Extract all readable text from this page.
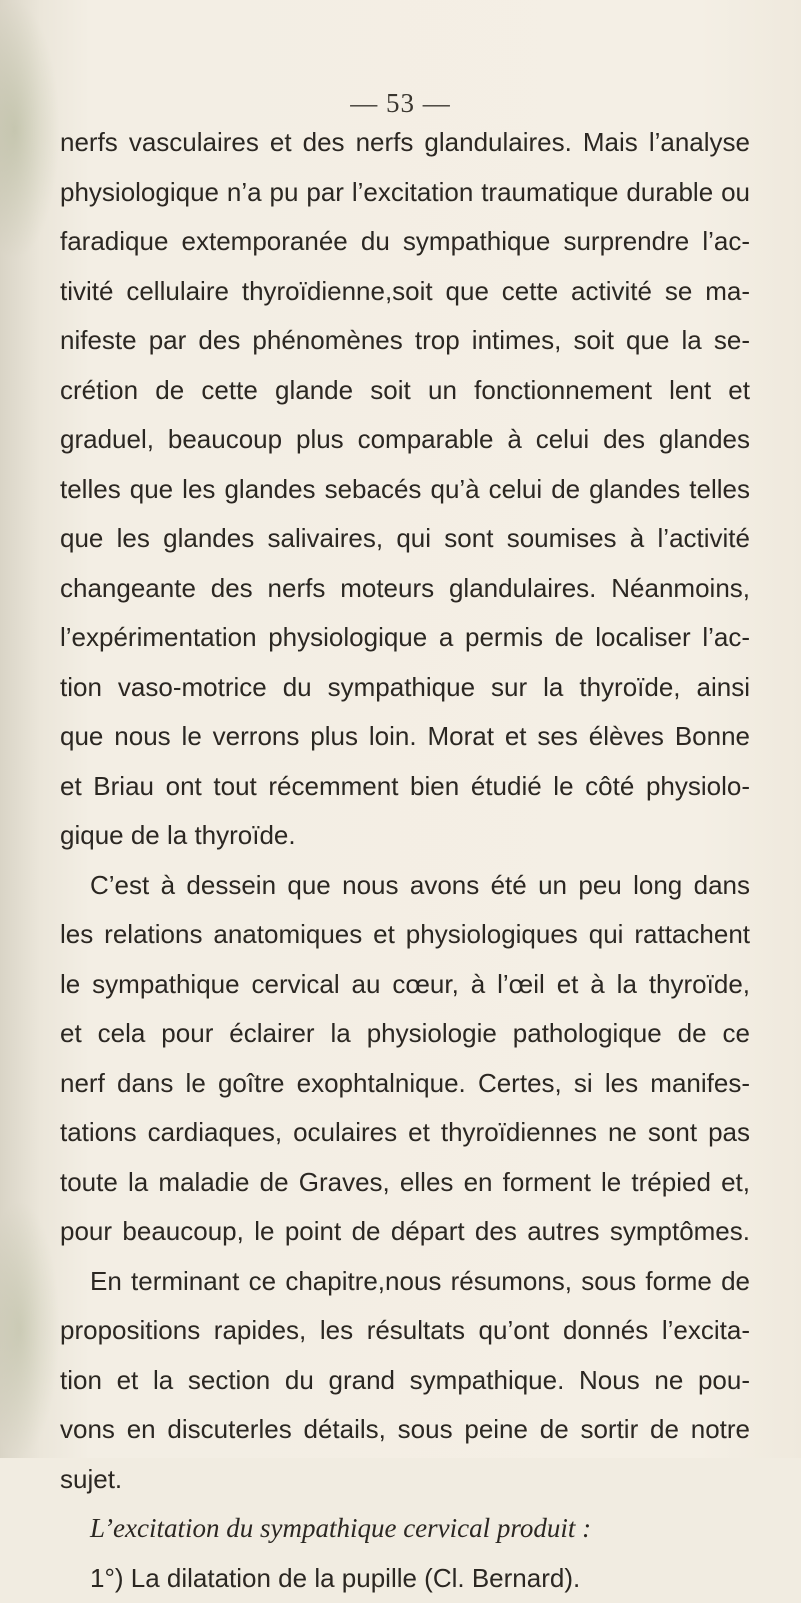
— 53 —
nerfs vasculaires et des nerfs glandulaires. Mais l’analyse
physiologique n’a pu par l’excitation traumatique durable ou
faradique extemporanée du sympathique surprendre l’ac-
tivité cellulaire thyroïdienne,soit que cette activité se ma-
nifeste par des phénomènes trop intimes, soit que la se-
crétion de cette glande soit un fonctionnement lent et
graduel, beaucoup plus comparable à celui des glandes
telles que les glandes sebacés qu’à celui de glandes telles
que les glandes salivaires, qui sont soumises à l’activité
changeante des nerfs moteurs glandulaires. Néanmoins,
l’expérimentation physiologique a permis de localiser l’ac-
tion vaso-motrice du sympathique sur la thyroïde, ainsi
que nous le verrons plus loin. Morat et ses élèves Bonne
et Briau ont tout récemment bien étudié le côté physiolo-
gique de la thyroïde.
C’est à dessein que nous avons été un peu long dans
les relations anatomiques et physiologiques qui rattachent
le sympathique cervical au cœur, à l’œil et à la thyroïde,
et cela pour éclairer la physiologie pathologique de ce
nerf dans le goître exophtalnique. Certes, si les manifes-
tations cardiaques, oculaires et thyroïdiennes ne sont pas
toute la maladie de Graves, elles en forment le trépied et,
pour beaucoup, le point de départ des autres symptômes.
En terminant ce chapitre,nous résumons, sous forme de
propositions rapides, les résultats qu’ont donnés l’excita-
tion et la section du grand sympathique. Nous ne pou-
vons en discuterles détails, sous peine de sortir de notre
sujet.
L’excitation du sympathique cervical produit :
1°) La dilatation de la pupille (Cl. Bernard).
